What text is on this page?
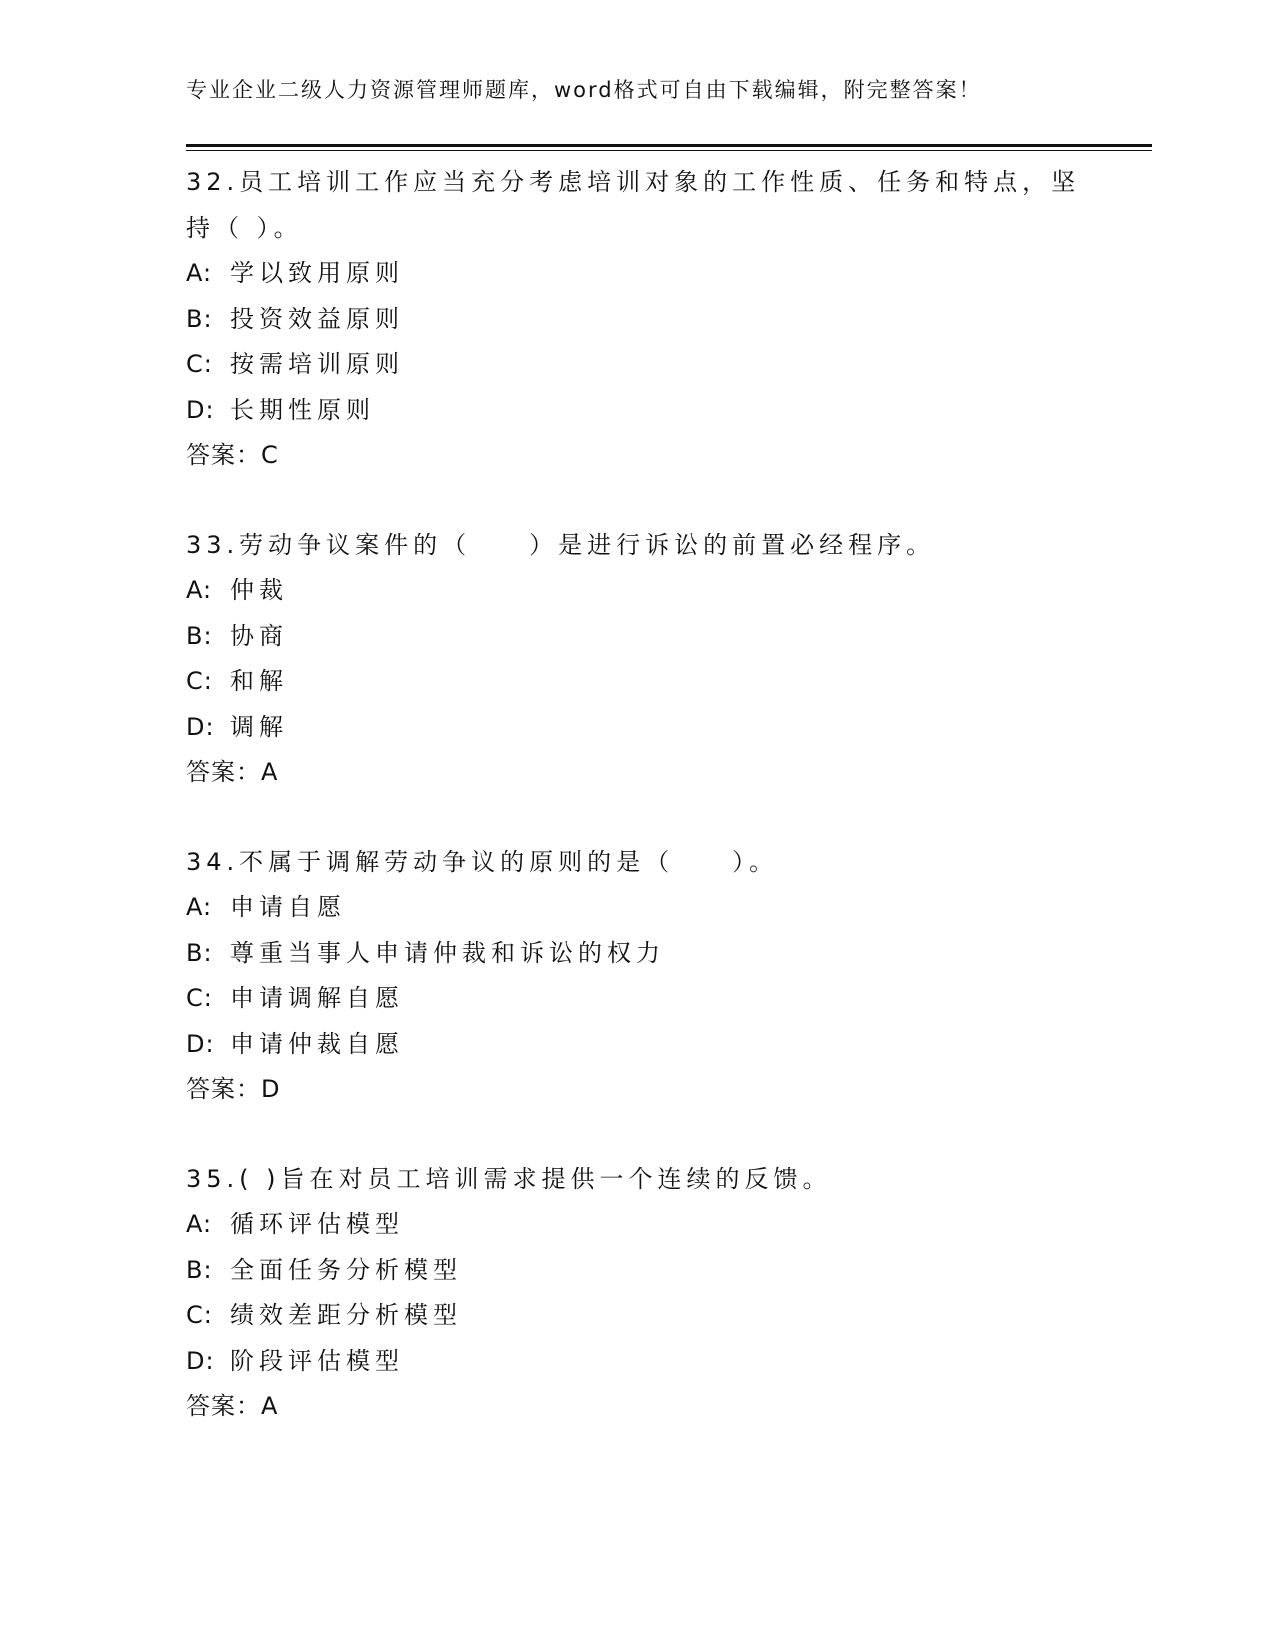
专业企业二级人力资源管理师题库，word格式可自由下载编辑，附完整答案！
32.员工培训工作应当充分考虑培训对象的工作性质、任务和特点，坚
持（ ）。
A: 学以致用原则
B: 投资效益原则
C: 按需培训原则
D: 长期性原则
答案：C
33.劳动争议案件的（　　）是进行诉讼的前置必经程序。
A: 仲裁
B: 协商
C: 和解
D: 调解
答案：A
34.不属于调解劳动争议的原则的是（　　）。
A: 申请自愿
B: 尊重当事人申请仲裁和诉讼的权力
C: 申请调解自愿
D: 申请仲裁自愿
答案：D
35.( )旨在对员工培训需求提供一个连续的反馈。
A: 循环评估模型
B: 全面任务分析模型
C: 绩效差距分析模型
D: 阶段评估模型
答案：A
